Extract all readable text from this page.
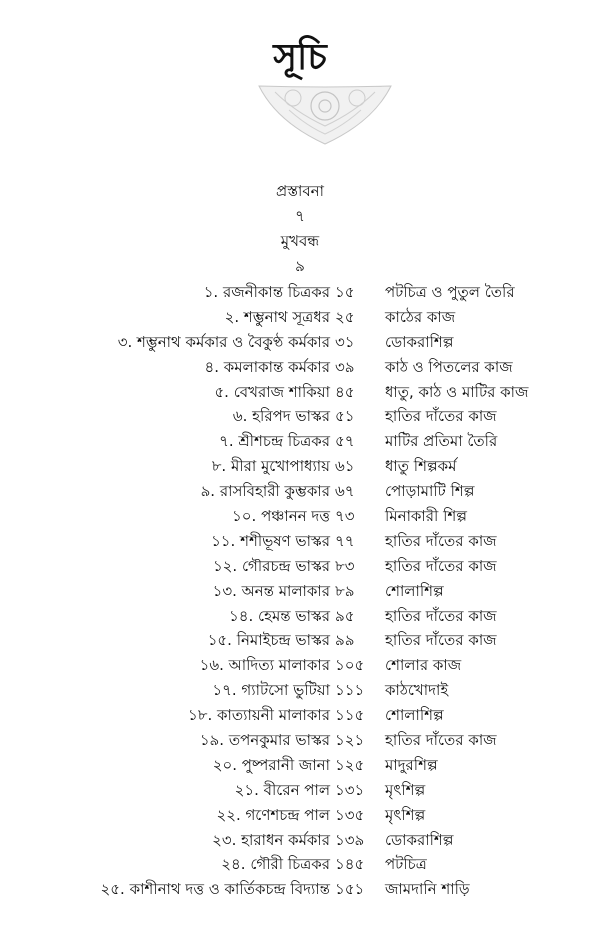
সূচি
প্রস্তাবনা
৭
মুখবন্ধ
৯
১. রজনীকান্ত চিত্রকর ১৫	পটচিত্র ও পুতুল তৈরি
২. শম্ভুনাথ সূত্রধর ২৫	কাঠের কাজ
৩. শম্ভুনাথ কর্মকার ও বৈকুণ্ঠ কর্মকার ৩১	ডোকরাশিল্প
৪. কমলাকান্ত কর্মকার ৩৯	কাঠ ও পিতলের কাজ
৫. বেখরাজ শাকিয়া ৪৫	ধাতু, কাঠ ও মাটির কাজ
৬. হরিপদ ভাস্কর ৫১	হাতির দাঁতের কাজ
৭. শ্রীশচন্দ্র চিত্রকর ৫৭	মাটির প্রতিমা তৈরি
৮. মীরা মুখোপাধ্যায় ৬১	ধাতু শিল্পকর্ম
৯. রাসবিহারী কুম্ভকার ৬৭	পোড়ামাটি শিল্প
১০. পঞ্চানন দত্ত ৭৩	মিনাকারী শিল্প
১১. শশীভূষণ ভাস্কর ৭৭	হাতির দাঁতের কাজ
১২. গৌরচন্দ্র ভাস্কর ৮৩	হাতির দাঁতের কাজ
১৩. অনন্ত মালাকার ৮৯	শোলাশিল্প
১৪. হেমন্ত ভাস্কর ৯৫	হাতির দাঁতের কাজ
১৫. নিমাইচন্দ্র ভাস্কর ৯৯	হাতির দাঁতের কাজ
১৬. আদিত্য মালাকার ১০৫	শোলার কাজ
১৭. গ্যাটসো ভুটিয়া ১১১	কাঠখোদাই
১৮. কাত্যায়নী মালাকার ১১৫	শোলাশিল্প
১৯. তপনকুমার ভাস্কর ১২১	হাতির দাঁতের কাজ
২০. পুষ্পরানী জানা ১২৫	মাদুরশিল্প
২১. বীরেন পাল ১৩১	মৃৎশিল্প
২২. গণেশচন্দ্র পাল ১৩৫	মৃৎশিল্প
২৩. হারাধন কর্মকার ১৩৯	ডোকরাশিল্প
২৪. গৌরী চিত্রকর ১৪৫	পটচিত্র
২৫. কাশীনাথ দত্ত ও কার্তিকচন্দ্র বিদ্যান্ত ১৫১	জামদানি শাড়ি
